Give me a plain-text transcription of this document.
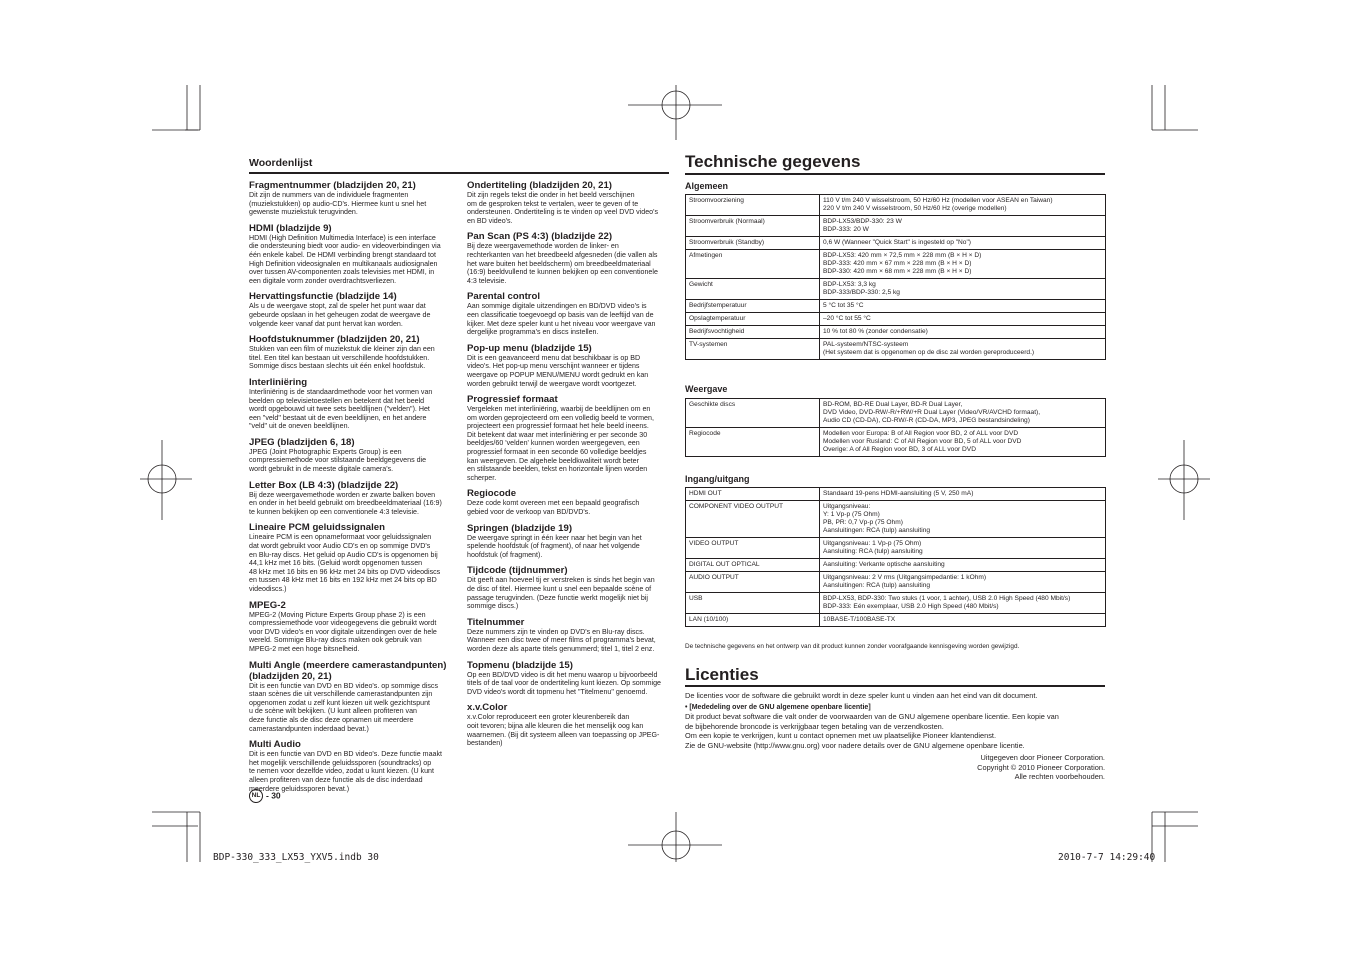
Woordenlijst
Fragmentnummer (bladzijden 20, 21)
Dit zijn de nummers van de individuele fragmenten
(muziekstukken) op audio-CD's. Hiermee kunt u snel het
gewenste muziekstuk terugvinden.
HDMI (bladzijde 9)
HDMI (High Definition Multimedia Interface) is een interface
die ondersteuning biedt voor audio- en videoverbindingen via
één enkele kabel. De HDMI verbinding brengt standaard tot
High Definition videosignalen en multikanaals audiosignalen
over tussen AV-componenten zoals televisies met HDMI, in
een digitale vorm zonder overdrachtsverliezen.
Hervattingsfunctie (bladzijde 14)
Als u de weergave stopt, zal de speler het punt waar dat
gebeurde opslaan in het geheugen zodat de weergave de
volgende keer vanaf dat punt hervat kan worden.
Hoofdstuknummer (bladzijden 20, 21)
Stukken van een film of muziekstuk die kleiner zijn dan een
titel. Een titel kan bestaan uit verschillende hoofdstukken.
Sommige discs bestaan slechts uit één enkel hoofdstuk.
Interliniëring
Interliniëring is de standaardmethode voor het vormen van
beelden op televisietoestellen en betekent dat het beeld
wordt opgebouwd uit twee sets beeldlijnen ("velden"). Het
een "veld" bestaat uit de even beeldlijnen, en het andere
"veld" uit de oneven beeldlijnen.
JPEG (bladzijden 6, 18)
JPEG (Joint Photographic Experts Group) is een
compressiemethode voor stilstaande beeldgegevens die
wordt gebruikt in de meeste digitale camera's.
Letter Box (LB 4:3) (bladzijde 22)
Bij deze weergavemethode worden er zwarte balken boven
en onder in het beeld gebruikt om breedbeeldmateriaal (16:9)
te kunnen bekijken op een conventionele 4:3 televisie.
Lineaire PCM geluidssignalen
Lineaire PCM is een opnameformaat voor geluidssignalen
dat wordt gebruikt voor Audio CD's en op sommige DVD's
en Blu-ray discs. Het geluid op Audio CD's is opgenomen bij
44,1 kHz met 16 bits. (Geluid wordt opgenomen tussen
48 kHz met 16 bits en 96 kHz met 24 bits op DVD videodiscs
en tussen 48 kHz met 16 bits en 192 kHz met 24 bits op BD
videodiscs.)
MPEG-2
MPEG-2 (Moving Picture Experts Group phase 2) is een
compressiemethode voor videogegevens die gebruikt wordt
voor DVD video's en voor digitale uitzendingen over de hele
wereld. Sommige Blu-ray discs maken ook gebruik van
MPEG-2 met een hoge bitsnelheid.
Multi Angle (meerdere camerastandpunten)
(bladzijden 20, 21)
Dit is een functie van DVD en BD video's. op sommige discs
staan scènes die uit verschillende camerastandpunten zijn
opgenomen zodat u zelf kunt kiezen uit welk gezichtspunt
u de scène wilt bekijken. (U kunt alleen profiteren van
deze functie als de disc deze opnamen uit meerdere
camerastandpunten inderdaad bevat.)
Multi Audio
Dit is een functie van DVD en BD video's. Deze functie maakt
het mogelijk verschillende geluidssporen (soundtracks) op
te nemen voor dezelfde video, zodat u kunt kiezen. (U kunt
alleen profiteren van deze functie als de disc inderdaad
meerdere geluidssporen bevat.)
Ondertiteling (bladzijden 20, 21)
Dit zijn regels tekst die onder in het beeld verschijnen
om de gesproken tekst te vertalen, weer te geven of te
ondersteunen. Ondertiteling is te vinden op veel DVD video's
en BD video's.
Pan Scan (PS 4:3) (bladzijde 22)
Bij deze weergavemethode worden de linker- en
rechterkanten van het breedbeeld afgesneden (die vallen als
het ware buiten het beeldscherm) om breedbeeldmateriaal
(16:9) beeldvullend te kunnen bekijken op een conventionele
4:3 televisie.
Parental control
Aan sommige digitale uitzendingen en BD/DVD video's is
een classificatie toegevoegd op basis van de leeftijd van de
kijker. Met deze speler kunt u het niveau voor weergave van
dergelijke programma's en discs instellen.
Pop-up menu (bladzijde 15)
Dit is een geavanceerd menu dat beschikbaar is op BD
video's. Het pop-up menu verschijnt wanneer er tijdens
weergave op POPUP MENU/MENU wordt gedrukt en kan
worden gebruikt terwijl de weergave wordt voortgezet.
Progressief formaat
Vergeleken met interliniëring, waarbij de beeldlijnen om en
om worden geprojecteerd om een volledig beeld te vormen,
projecteert een progressief formaat het hele beeld ineens.
Dit betekent dat waar met interliniëring er per seconde 30
beeldjes/60 'velden' kunnen worden weergegeven, een
progressief formaat in een seconde 60 volledige beeldjes
kan weergeven. De algehele beeldkwaliteit wordt beter
en stilstaande beelden, tekst en horizontale lijnen worden
scherper.
Regiocode
Deze code komt overeen met een bepaald geografisch
gebied voor de verkoop van BD/DVD's.
Springen (bladzijde 19)
De weergave springt in één keer naar het begin van het
spelende hoofdstuk (of fragment), of naar het volgende
hoofdstuk (of fragment).
Tijdcode (tijdnummer)
Dit geeft aan hoeveel tij er verstreken is sinds het begin van
de disc of titel. Hiermee kunt u snel een bepaalde scène of
passage terugvinden. (Deze functie werkt mogelijk niet bij
sommige discs.)
Titelnummer
Deze nummers zijn te vinden op DVD's en Blu-ray discs.
Wanneer een disc twee of meer films of programma's bevat,
worden deze als aparte titels genummerd; titel 1, titel 2 enz.
Topmenu (bladzijde 15)
Op een BD/DVD video is dit het menu waarop u bijvoorbeeld
titels of de taal voor de ondertiteling kunt kiezen. Op sommige
DVD video's wordt dit topmenu het "Titelmenu" genoemd.
x.v.Color
x.v.Color reproduceert een groter kleurenbereik dan
ooit tevoren; bijna alle kleuren die het menselijk oog kan
waarnemen. (Bij dit systeem alleen van toepassing op JPEG-
bestanden)
NL - 30
Technische gegevens
Algemeen
Stroomvoorziening	110 V t/m 240 V wisselstroom, 50 Hz/60 Hz (modellen voor ASEAN en Taiwan)
220 V t/m 240 V wisselstroom, 50 Hz/60 Hz (overige modellen)
Stroomverbruik (Normaal)	BDP-LX53/BDP-330: 23 W
BDP-333: 20 W
Stroomverbruik (Standby)	0,6 W (Wanneer "Quick Start" is ingesteld op "No")
Afmetingen	BDP-LX53: 420 mm × 72,5 mm × 228 mm (B × H × D)
BDP-333: 420 mm × 67 mm × 228 mm (B × H × D)
BDP-330: 420 mm × 68 mm × 228 mm (B × H × D)
Gewicht	BDP-LX53: 3,3 kg
BDP-333/BDP-330: 2,5 kg
Bedrijfstemperatuur	5 °C tot 35 °C
Opslagtemperatuur	–20 °C tot 55 °C
Bedrijfsvochtigheid	10 % tot 80 % (zonder condensatie)
TV-systemen	PAL-systeem/NTSC-systeem
(Het systeem dat is opgenomen op de disc zal worden gereproduceerd.)
Weergave
Geschikte discs	BD-ROM, BD-RE Dual Layer, BD-R Dual Layer,
DVD Video, DVD-RW/-R/+RW/+R Dual Layer (Video/VR/AVCHD formaat),
Audio CD (CD-DA), CD-RW/-R (CD-DA, MP3, JPEG bestandsindeling)
Regiocode	Modellen voor Europa: B of All Region voor BD, 2 of ALL voor DVD
Modellen voor Rusland: C of All Region voor BD, 5 of ALL voor DVD
Overige: A of All Region voor BD, 3 of ALL voor DVD
Ingang/uitgang
HDMI OUT	Standaard 19-pens HDMI-aansluiting (5 V, 250 mA)
COMPONENT VIDEO OUTPUT	Uitgangsniveau:
Y: 1 Vp-p (75 Ohm)
PB, PR: 0,7 Vp-p (75 Ohm)
Aansluitingen: RCA (tulp) aansluiting
VIDEO OUTPUT	Uitgangsniveau: 1 Vp-p (75 Ohm)
Aansluiting: RCA (tulp) aansluiting
DIGITAL OUT OPTICAL	Aansluiting: Verkante optische aansluiting
AUDIO OUTPUT	Uitgangsniveau: 2 V rms (Uitgangsimpedantie: 1 kOhm)
Aansluitingen: RCA (tulp) aansluiting
USB	BDP-LX53, BDP-330: Two stuks (1 voor, 1 achter), USB 2.0 High Speed (480 Mbit/s)
BDP-333: Eén exemplaar, USB 2.0 High Speed (480 Mbit/s)
LAN (10/100)	10BASE-T/100BASE-TX
De technische gegevens en het ontwerp van dit product kunnen zonder voorafgaande kennisgeving worden gewijzigd.
Licenties
De licenties voor de software die gebruikt wordt in deze speler kunt u vinden aan het eind van dit document.
• [Mededeling over de GNU algemene openbare licentie]
Dit product bevat software die valt onder de voorwaarden van de GNU algemene openbare licentie. Een kopie van
de bijbehorende broncode is verkrijgbaar tegen betaling van de verzendkosten.
Om een kopie te verkrijgen, kunt u contact opnemen met uw plaatselijke Pioneer klantendienst.
Zie de GNU-website (http://www.gnu.org) voor nadere details over de GNU algemene openbare licentie.
Uitgegeven door Pioneer Corporation.
Copyright © 2010 Pioneer Corporation.
Alle rechten voorbehouden.
BDP-330_333_LX53_YXV5.indb 30	2010-7-7 14:29:40
